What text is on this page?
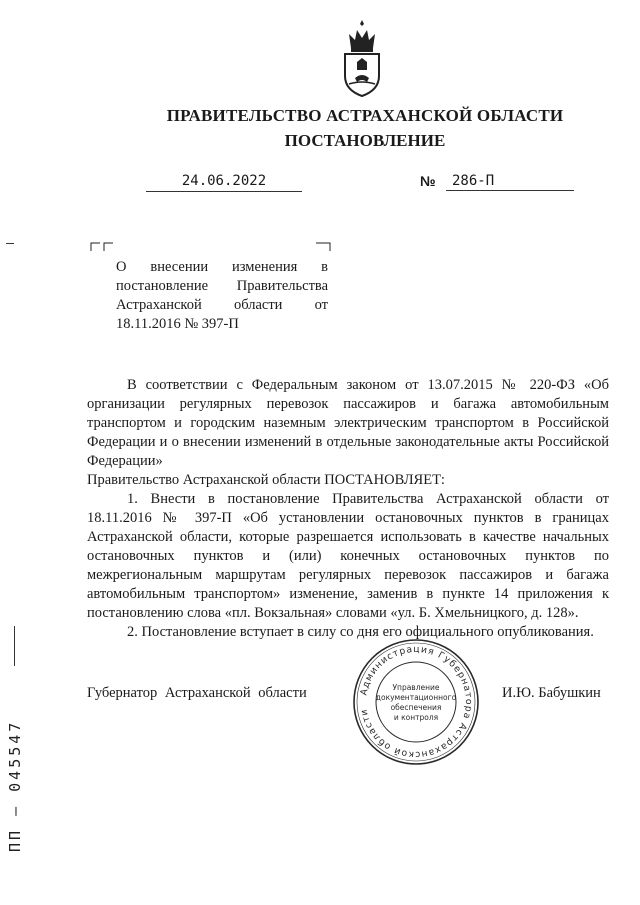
ПРАВИТЕЛЬСТВО АСТРАХАНСКОЙ ОБЛАСТИ
ПОСТАНОВЛЕНИЕ
24.06.2022	№	286-П
О внесении изменения в постановление Правительства Астраханской области от 18.11.2016 № 397-П

В соответствии с Федеральным законом от 13.07.2015 № 220-ФЗ «Об организации регулярных перевозок пассажиров и багажа автомобильным транспортом и городским наземным электрическим транспортом в Российской Федерации и о внесении изменений в отдельные законодательные акты Российской Федерации»

Правительство Астраханской области ПОСТАНОВЛЯЕТ:

1. Внести в постановление Правительства Астраханской области от 18.11.2016 № 397-П «Об установлении остановочных пунктов в границах Астраханской области, которые разрешается использовать в качестве начальных остановочных пунктов и (или) конечных остановочных пунктов по межрегиональным маршрутам регулярных перевозок пассажиров и багажа автомобильным транспортом» изменение, заменив в пункте 14 приложения к постановлению слова «пл. Вокзальная» словами «ул. Б. Хмельницкого, д. 128».

2. Постановление вступает в силу со дня его официального опубликования.

Губернатор Астраханской области	И.Ю. Бабушкин
Администрация Губернатора Астраханской области
Управление
документационного
обеспечения
и контроля
ПП – 045547
